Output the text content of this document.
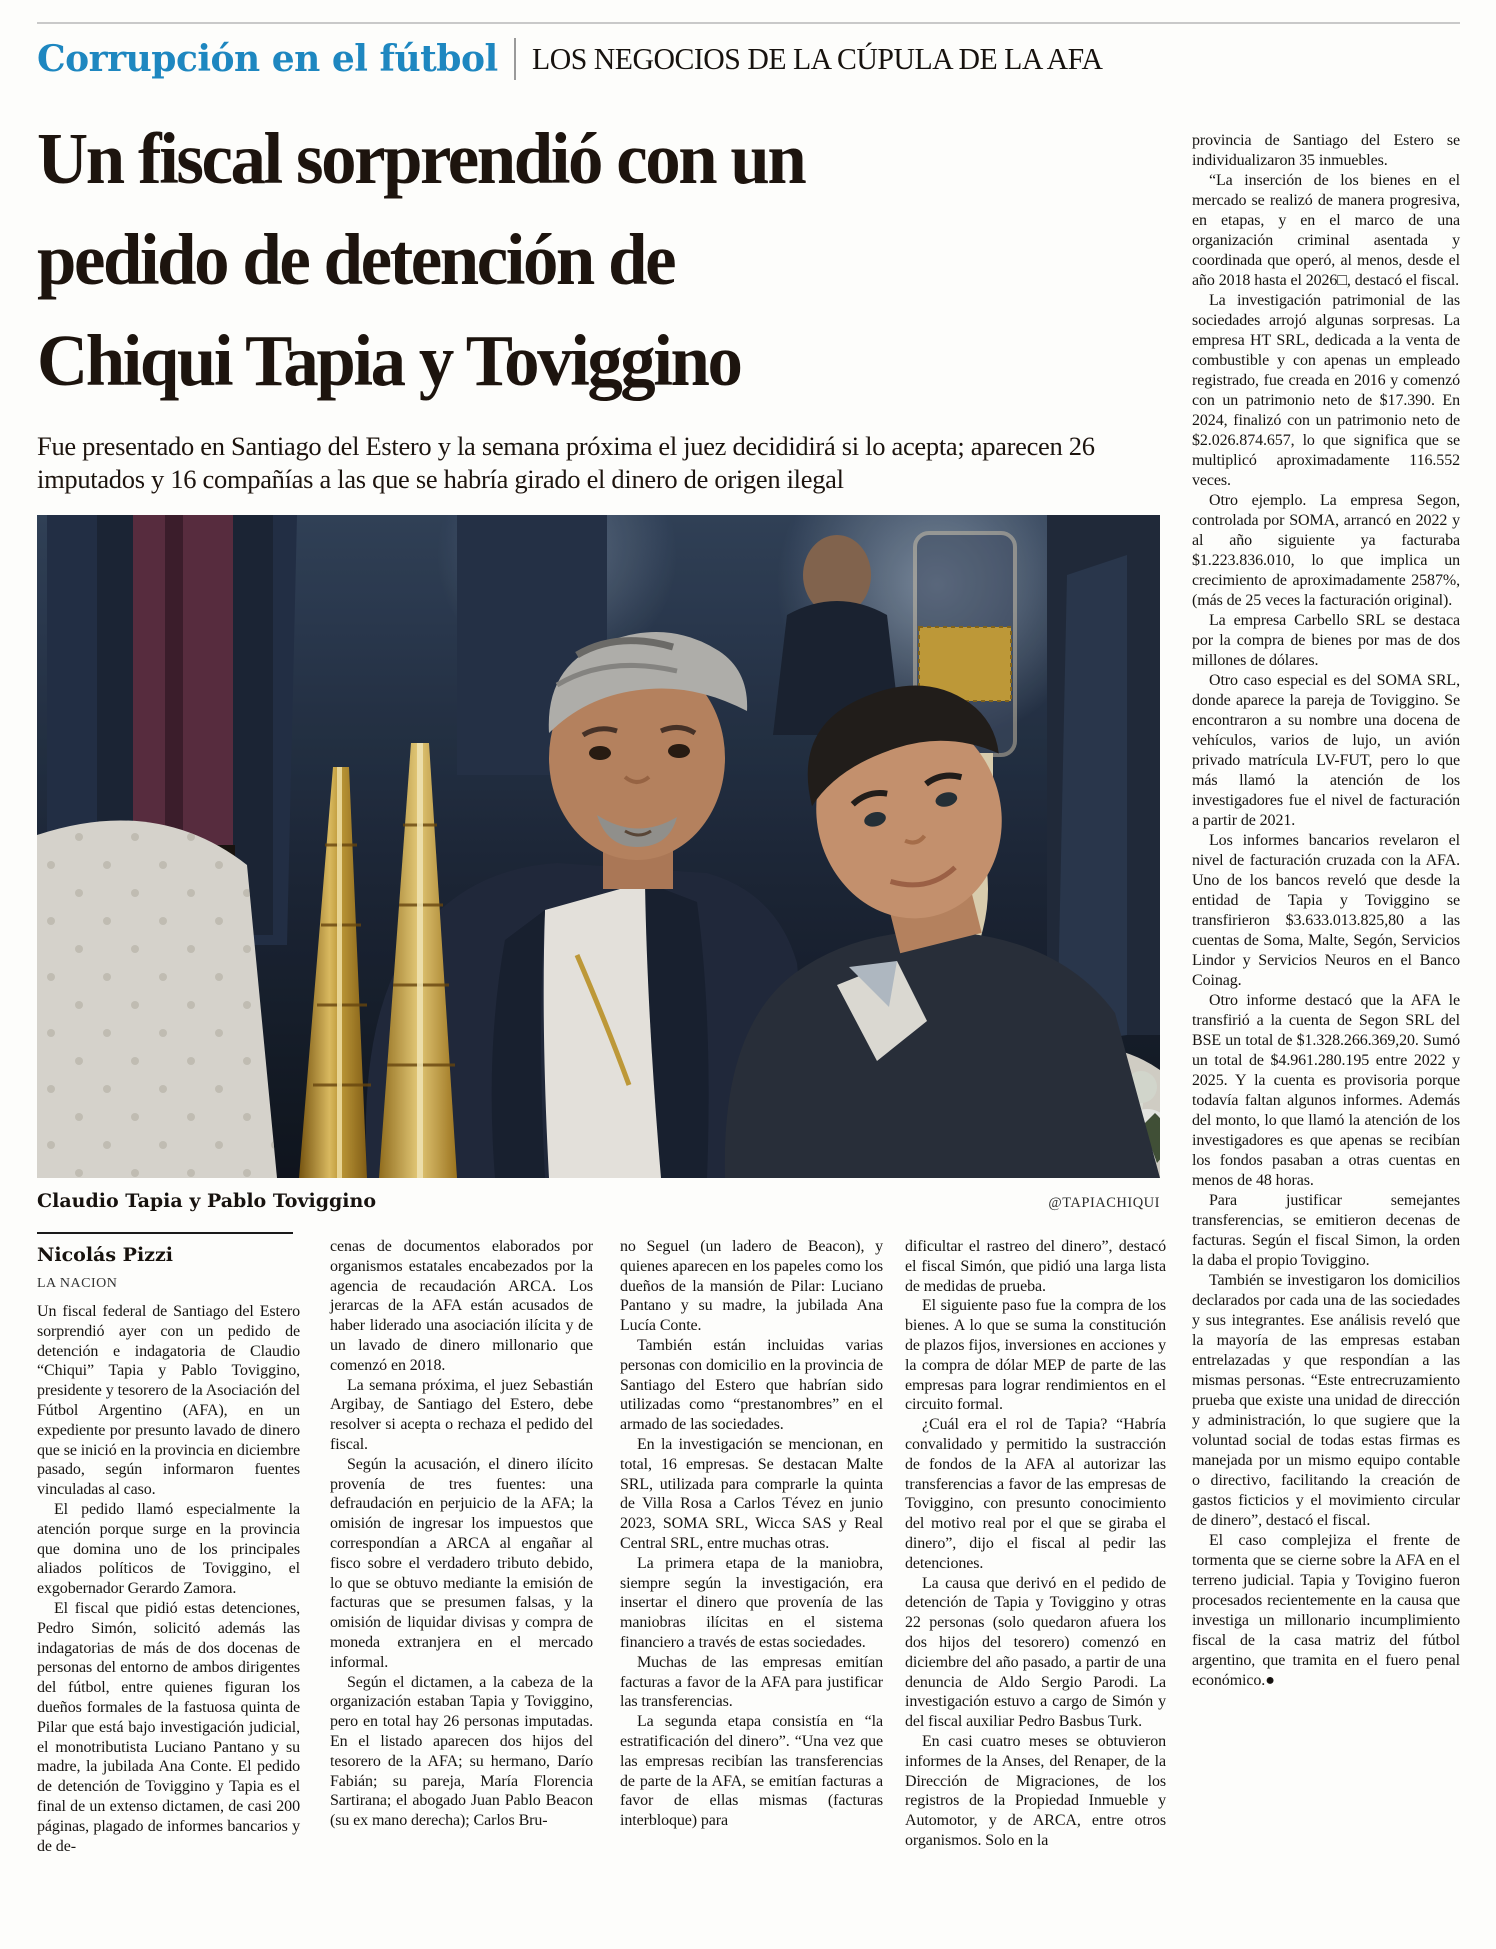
Corrupción en el fútbol LOS NEGOCIOS DE LA CÚPULA DE LA AFA
Un fiscal sorprendió con un
pedido de detención de
Chiqui Tapia y Toviggino
Fue presentado en Santiago del Estero y la semana próxima el juez decididirá si lo acepta; aparecen 26 imputados y 16 compañías a las que se habría girado el dinero de origen ilegal
Claudio Tapia y Pablo Toviggino	@TAPIACHIQUI
Nicolás Pizzi
LA NACION

Un fiscal federal de Santiago del Estero sorprendió ayer con un pedido de detención e indagatoria de Claudio “Chiqui” Tapia y Pablo Toviggino, presidente y tesorero de la Asociación del Fútbol Argentino (AFA), en un expediente por presunto lavado de dinero que se inició en la provincia en diciembre pasado, según informaron fuentes vinculadas al caso.

El pedido llamó especialmente la atención porque surge en la provincia que domina uno de los principales aliados políticos de Toviggino, el exgobernador Gerardo Zamora.

El fiscal que pidió estas detenciones, Pedro Simón, solicitó además las indagatorias de más de dos docenas de personas del entorno de ambos dirigentes del fútbol, entre quienes figuran los dueños formales de la fastuosa quinta de Pilar que está bajo investigación judicial, el monotributista Luciano Pantano y su madre, la jubilada Ana Conte. El pedido de detención de Toviggino y Tapia es el final de un extenso dictamen, de casi 200 páginas, plagado de informes bancarios y de de-

cenas de documentos elaborados por organismos estatales encabezados por la agencia de recaudación ARCA. Los jerarcas de la AFA están acusados de haber liderado una asociación ilícita y de un lavado de dinero millonario que comenzó en 2018.

La semana próxima, el juez Sebastián Argibay, de Santiago del Estero, debe resolver si acepta o rechaza el pedido del fiscal.

Según la acusación, el dinero ilícito provenía de tres fuentes: una defraudación en perjuicio de la AFA; la omisión de ingresar los impuestos que correspondían a ARCA al engañar al fisco sobre el verdadero tributo debido, lo que se obtuvo mediante la emisión de facturas que se presumen falsas, y la omisión de liquidar divisas y compra de moneda extranjera en el mercado informal.

Según el dictamen, a la cabeza de la organización estaban Tapia y Toviggino, pero en total hay 26 personas imputadas. En el listado aparecen dos hijos del tesorero de la AFA; su hermano, Darío Fabián; su pareja, María Florencia Sartirana; el abogado Juan Pablo Beacon (su ex mano derecha); Carlos Bru-

no Seguel (un ladero de Beacon), y quienes aparecen en los papeles como los dueños de la mansión de Pilar: Luciano Pantano y su madre, la jubilada Ana Lucía Conte.

También están incluidas varias personas con domicilio en la provincia de Santiago del Estero que habrían sido utilizadas como “prestanombres” en el armado de las sociedades.

En la investigación se mencionan, en total, 16 empresas. Se destacan Malte SRL, utilizada para comprarle la quinta de Villa Rosa a Carlos Tévez en junio 2023, SOMA SRL, Wicca SAS y Real Central SRL, entre muchas otras.

La primera etapa de la maniobra, siempre según la investigación, era insertar el dinero que provenía de las maniobras ilícitas en el sistema financiero a través de estas sociedades.

Muchas de las empresas emitían facturas a favor de la AFA para justificar las transferencias.

La segunda etapa consistía en “la estratificación del dinero”. “Una vez que las empresas recibían las transferencias de parte de la AFA, se emitían facturas a favor de ellas mismas (facturas interbloque) para

dificultar el rastreo del dinero”, destacó el fiscal Simón, que pidió una larga lista de medidas de prueba.

El siguiente paso fue la compra de los bienes. A lo que se suma la constitución de plazos fijos, inversiones en acciones y la compra de dólar MEP de parte de las empresas para lograr rendimientos en el circuito formal.

¿Cuál era el rol de Tapia? “Habría convalidado y permitido la sustracción de fondos de la AFA al autorizar las transferencias a favor de las empresas de Toviggino, con presunto conocimiento del motivo real por el que se giraba el dinero”, dijo el fiscal al pedir las detenciones.

La causa que derivó en el pedido de detención de Tapia y Toviggino y otras 22 personas (solo quedaron afuera los dos hijos del tesorero) comenzó en diciembre del año pasado, a partir de una denuncia de Aldo Sergio Parodi. La investigación estuvo a cargo de Simón y del fiscal auxiliar Pedro Basbus Turk.

En casi cuatro meses se obtuvieron informes de la Anses, del Renaper, de la Dirección de Migraciones, de los registros de la Propiedad Inmueble y Automotor, y de ARCA, entre otros organismos. Solo en la

provincia de Santiago del Estero se individualizaron 35 inmuebles.

“La inserción de los bienes en el mercado se realizó de manera progresiva, en etapas, y en el marco de una organización criminal asentada y coordinada que operó, al menos, desde el año 2018 hasta el 2026□, destacó el fiscal.

La investigación patrimonial de las sociedades arrojó algunas sorpresas. La empresa HT SRL, dedicada a la venta de combustible y con apenas un empleado registrado, fue creada en 2016 y comenzó con un patrimonio neto de $17.390. En 2024, finalizó con un patrimonio neto de $2.026.874.657, lo que significa que se multiplicó aproximadamente 116.552 veces.

Otro ejemplo. La empresa Segon, controlada por SOMA, arrancó en 2022 y al año siguiente ya facturaba $1.223.836.010, lo que implica un crecimiento de aproximadamente 2587%, (más de 25 veces la facturación original).

La empresa Carbello SRL se destaca por la compra de bienes por mas de dos millones de dólares.

Otro caso especial es del SOMA SRL, donde aparece la pareja de Toviggino. Se encontraron a su nombre una docena de vehículos, varios de lujo, un avión privado matrícula LV-FUT, pero lo que más llamó la atención de los investigadores fue el nivel de facturación a partir de 2021.

Los informes bancarios revelaron el nivel de facturación cruzada con la AFA. Uno de los bancos reveló que desde la entidad de Tapia y Toviggino se transfirieron $3.633.013.825,80 a las cuentas de Soma, Malte, Segón, Servicios Lindor y Servicios Neuros en el Banco Coinag.

Otro informe destacó que la AFA le transfirió a la cuenta de Segon SRL del BSE un total de $1.328.266.369,20. Sumó un total de $4.961.280.195 entre 2022 y 2025. Y la cuenta es provisoria porque todavía faltan algunos informes. Además del monto, lo que llamó la atención de los investigadores es que apenas se recibían los fondos pasaban a otras cuentas en menos de 48 horas.

Para justificar semejantes transferencias, se emitieron decenas de facturas. Según el fiscal Simon, la orden la daba el propio Toviggino.

También se investigaron los domicilios declarados por cada una de las sociedades y sus integrantes. Ese análisis reveló que la mayoría de las empresas estaban entrelazadas y que respondían a las mismas personas. “Este entrecruzamiento prueba que existe una unidad de dirección y administración, lo que sugiere que la voluntad social de todas estas firmas es manejada por un mismo equipo contable o directivo, facilitando la creación de gastos ficticios y el movimiento circular de dinero”, destacó el fiscal.

El caso complejiza el frente de tormenta que se cierne sobre la AFA en el terreno judicial. Tapia y Tovigino fueron procesados recientemente en la causa que investiga un millonario incumplimiento fiscal de la casa matriz del fútbol argentino, que tramita en el fuero penal económico.●
